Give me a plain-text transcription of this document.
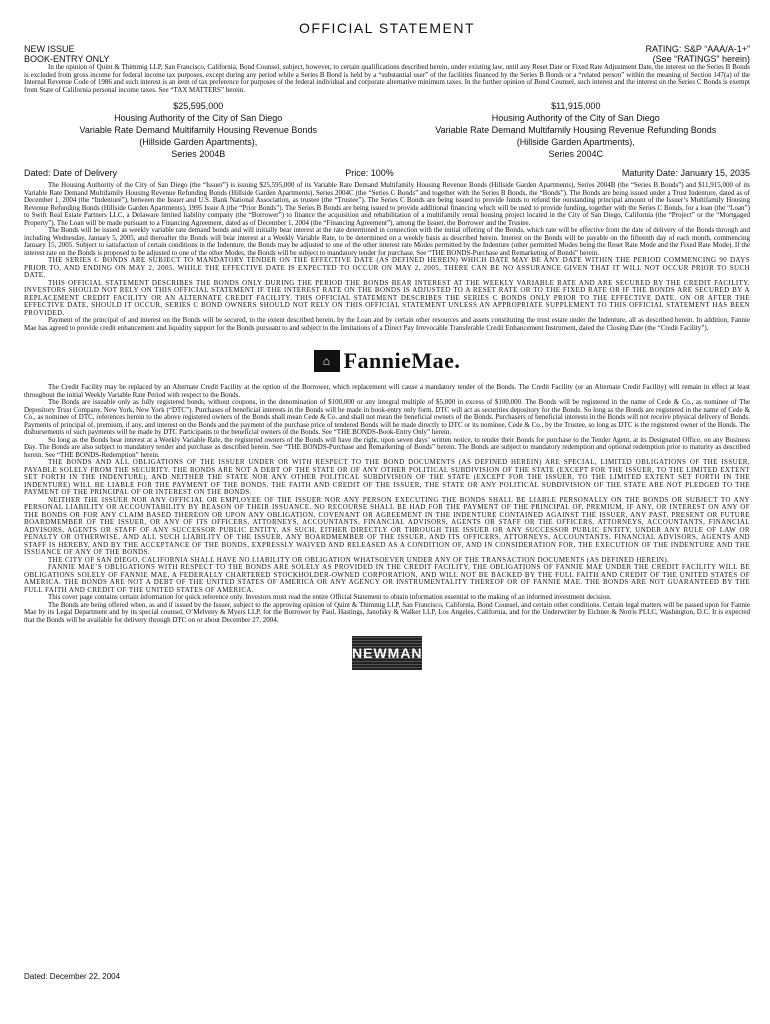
OFFICIAL STATEMENT
NEW ISSUE
BOOK-ENTRY ONLY
RATING: S&P “AAA/A-1+”
(See “RATINGS” herein)

In the opinion of Quint & Thimmig LLP, San Francisco, California, Bond Counsel, subject, however, to certain qualifications described herein, under existing law, until any Reset Date or Fixed Rate Adjustment Date, the interest on the Series B Bonds is excluded from gross income for federal income tax purposes, except during any period while a Series B Bond is held by a “substantial user” of the facilities financed by the Series B Bonds or a “related person” within the meaning of Section 147(a) of the Internal Revenue Code of 1986 and such interest is an item of tax preference for purposes of the federal individual and corporate alternative minimum taxes. In the further opinion of Bond Counsel, such interest and the interest on the Series C Bonds is exempt from State of California personal income taxes. See “TAX MATTERS” herein.

$25,595,000
Housing Authority of the City of San Diego
Variable Rate Demand Multifamily Housing Revenue Bonds
(Hillside Garden Apartments),
Series 2004B
$11,915,000
Housing Authority of the City of San Diego
Variable Rate Demand Multifamily Housing Revenue Refunding Bonds
(Hillside Garden Apartments),
Series 2004C
Dated: Date of Delivery	Price: 100%	Maturity Date: January 15, 2035

The Housing Authority of the City of San Diego (the “Issuer”) is issuing $25,595,000 of its Variable Rate Demand Multifamily Housing Revenue Bonds (Hillside Garden Apartments), Series 2004B (the “Series B Bonds”) and $11,915,000 of its Variable Rate Demand Multifamily Housing Revenue Refunding Bonds (Hillside Garden Apartments), Series 2004C (the “Series C Bonds” and together with the Series B Bonds, the “Bonds”). The Bonds are being issued under a Trust Indenture, dated as of December 1, 2004 (the “Indenture”), between the Issuer and U.S. Bank National Association, as trustee (the “Trustee”). The Series C Bonds are being issued to provide funds to refund the outstanding principal amount of the Issuer’s Multifamily Housing Revenue Refunding Bonds (Hillside Garden Apartments), 1995 Issue A (the “Prior Bonds”). The Series B Bonds are being issued to provide additional financing which will be used to provide funding, together with the Series C Bonds, for a loan (the “Loan”) to Swift Real Estate Partners LLC, a Delaware limited liability company (the “Borrower”) to finance the acquisition and rehabilitation of a multifamily rental housing project located in the City of San Diego, California (the “Project” or the “Mortgaged Property”). The Loan will be made pursuant to a Financing Agreement, dated as of December 1, 2004 (the “Financing Agreement”), among the Issuer, the Borrower and the Trustee.

The Bonds will be issued as weekly variable rate demand bonds and will initially bear interest at the rate determined in connection with the initial offering of the Bonds, which rate will be effective from the date of delivery of the Bonds through and including Wednesday, January 5, 2005, and thereafter the Bonds will bear interest at a Weekly Variable Rate, to be determined on a weekly basis as described herein. Interest on the Bonds will be payable on the fifteenth day of each month, commencing January 15, 2005. Subject to satisfaction of certain conditions in the Indenture, the Bonds may be adjusted to one of the other interest rate Modes permitted by the Indenture (other permitted Modes being the Reset Rate Mode and the Fixed Rate Mode). If the interest rate on the Bonds is proposed to be adjusted to one of the other Modes, the Bonds will be subject to mandatory tender for purchase. See “THE BONDS-Purchase and Remarketing of Bonds” herein.

THE SERIES C BONDS ARE SUBJECT TO MANDATORY TENDER ON THE EFFECTIVE DATE (AS DEFINED HEREIN) WHICH DATE MAY BE ANY DATE WITHIN THE PERIOD COMMENCING 90 DAYS PRIOR TO, AND ENDING ON MAY 2, 2005. WHILE THE EFFECTIVE DATE IS EXPECTED TO OCCUR ON MAY 2, 2005, THERE CAN BE NO ASSURANCE GIVEN THAT IT WILL NOT OCCUR PRIOR TO SUCH DATE.

THIS OFFICIAL STATEMENT DESCRIBES THE BONDS ONLY DURING THE PERIOD THE BONDS BEAR INTEREST AT THE WEEKLY VARIABLE RATE AND ARE SECURED BY THE CREDIT FACILITY. INVESTORS SHOULD NOT RELY ON THIS OFFICIAL STATEMENT IF THE INTEREST RATE ON THE BONDS IS ADJUSTED TO A RESET RATE OR TO THE FIXED RATE OR IF THE BONDS ARE SECURED BY A REPLACEMENT CREDIT FACILITY OR AN ALTERNATE CREDIT FACILITY. THIS OFFICIAL STATEMENT DESCRIBES THE SERIES C BONDS ONLY PRIOR TO THE EFFECTIVE DATE. ON OR AFTER THE EFFECTIVE DATE, SHOULD IT OCCUR, SERIES C BOND OWNERS SHOULD NOT RELY ON THIS OFFICIAL STATEMENT UNLESS AN APPROPRIATE SUPPLEMENT TO THIS OFFICIAL STATEMENT HAS BEEN PROVIDED.

Payment of the principal of and interest on the Bonds will be secured, to the extent described herein, by the Loan and by certain other resources and assets constituting the trust estate under the Indenture, all as described herein. In addition, Fannie Mae has agreed to provide credit enhancement and liquidity support for the Bonds pursuant to and subject to the limitations of a Direct Pay Irrevocable Transferable Credit Enhancement Instrument, dated the Closing Date (the “Credit Facility”).

⌂ FannieMae.

The Credit Facility may be replaced by an Alternate Credit Facility at the option of the Borrower, which replacement will cause a mandatory tender of the Bonds. The Credit Facility (or an Alternate Credit Facility) will remain in effect at least throughout the initial Weekly Variable Rate Period with respect to the Bonds.

The Bonds are issuable only as fully registered bonds, without coupons, in the denomination of $100,000 or any integral multiple of $5,000 in excess of $100,000. The Bonds will be registered in the name of Cede & Co., as nominee of The Depository Trust Company, New York, New York (“DTC”). Purchases of beneficial interests in the Bonds will be made in book-entry only form. DTC will act as securities depository for the Bonds. So long as the Bonds are registered in the name of Cede & Co., as nominee of DTC, references herein to the above registered owners of the Bonds shall mean Cede & Co. and shall not mean the beneficial owners of the Bonds. Purchasers of beneficial interests in the Bonds will not receive physical delivery of Bonds. Payments of principal of, premium, if any, and interest on the Bonds and the payment of the purchase price of tendered Bonds will be made directly to DTC or its nominee, Cede & Co., by the Trustee, so long as DTC is the registered owner of the Bonds. The disbursements of such payments will be made by DTC Participants to the beneficial owners of the Bonds. See “THE BONDS-Book-Entry Only” herein.

So long as the Bonds bear interest at a Weekly Variable Rate, the registered owners of the Bonds will have the right, upon seven days’ written notice, to tender their Bonds for purchase to the Tender Agent, at its Designated Office, on any Business Day. The Bonds are also subject to mandatory tender and purchase as described herein. See “THE BONDS-Purchase and Remarketing of Bonds” herein. The Bonds are subject to mandatory redemption and optional redemption prior to maturity as described herein. See “THE BONDS-Redemption” herein.

THE BONDS AND ALL OBLIGATIONS OF THE ISSUER UNDER OR WITH RESPECT TO THE BOND DOCUMENTS (AS DEFINED HEREIN) ARE SPECIAL, LIMITED OBLIGATIONS OF THE ISSUER, PAYABLE SOLELY FROM THE SECURITY. THE BONDS ARE NOT A DEBT OF THE STATE OR OF ANY OTHER POLITICAL SUBDIVISION OF THE STATE (EXCEPT FOR THE ISSUER, TO THE LIMITED EXTENT SET FORTH IN THE INDENTURE), AND NEITHER THE STATE NOR ANY OTHER POLITICAL SUBDIVISION OF THE STATE (EXCEPT FOR THE ISSUER, TO THE LIMITED EXTENT SET FORTH IN THE INDENTURE) WILL BE LIABLE FOR THE PAYMENT OF THE BONDS. THE FAITH AND CREDIT OF THE ISSUER, THE STATE OR ANY POLITICAL SUBDIVISION OF THE STATE ARE NOT PLEDGED TO THE PAYMENT OF THE PRINCIPAL OF OR INTEREST ON THE BONDS.

NEITHER THE ISSUER NOR ANY OFFICIAL OR EMPLOYEE OF THE ISSUER NOR ANY PERSON EXECUTING THE BONDS SHALL BE LIABLE PERSONALLY ON THE BONDS OR SUBJECT TO ANY PERSONAL LIABILITY OR ACCOUNTABILITY BY REASON OF THEIR ISSUANCE. NO RECOURSE SHALL BE HAD FOR THE PAYMENT OF THE PRINCIPAL OF, PREMIUM, IF ANY, OR INTEREST ON ANY OF THE BONDS OR FOR ANY CLAIM BASED THEREON OR UPON ANY OBLIGATION, COVENANT OR AGREEMENT IN THE INDENTURE CONTAINED AGAINST THE ISSUER, ANY PAST, PRESENT OR FUTURE BOARDMEMBER OF THE ISSUER, OR ANY OF ITS OFFICERS, ATTORNEYS, ACCOUNTANTS, FINANCIAL ADVISORS, AGENTS OR STAFF OR THE OFFICERS, ATTORNEYS, ACCOUNTANTS, FINANCIAL ADVISORS, AGENTS OR STAFF OF ANY SUCCESSOR PUBLIC ENTITY, AS SUCH, EITHER DIRECTLY OR THROUGH THE ISSUER OR ANY SUCCESSOR PUBLIC ENTITY, UNDER ANY RULE OF LAW OR PENALTY OR OTHERWISE, AND ALL SUCH LIABILITY OF THE ISSUER, ANY BOARDMEMBER OF THE ISSUER, AND ITS OFFICERS, ATTORNEYS, ACCOUNTANTS, FINANCIAL ADVISORS, AGENTS AND STAFF IS HEREBY, AND BY THE ACCEPTANCE OF THE BONDS, EXPRESSLY WAIVED AND RELEASED AS A CONDITION OF, AND IN CONSIDERATION FOR, THE EXECUTION OF THE INDENTURE AND THE ISSUANCE OF ANY OF THE BONDS.

THE CITY OF SAN DIEGO, CALIFORNIA SHALL HAVE NO LIABILITY OR OBLIGATION WHATSOEVER UNDER ANY OF THE TRANSACTION DOCUMENTS (AS DEFINED HEREIN).

FANNIE MAE’S OBLIGATIONS WITH RESPECT TO THE BONDS ARE SOLELY AS PROVIDED IN THE CREDIT FACILITY. THE OBLIGATIONS OF FANNIE MAE UNDER THE CREDIT FACILITY WILL BE OBLIGATIONS SOLELY OF FANNIE MAE, A FEDERALLY CHARTERED STOCKHOLDER-OWNED CORPORATION, AND WILL NOT BE BACKED BY THE FULL FAITH AND CREDIT OF THE UNITED STATES OF AMERICA. THE BONDS ARE NOT A DEBT OF THE UNITED STATES OF AMERICA OR ANY AGENCY OR INSTRUMENTALITY THEREOF OR OF FANNIE MAE. THE BONDS ARE NOT GUARANTEED BY THE FULL FAITH AND CREDIT OF THE UNITED STATES OF AMERICA.

This cover page contains certain information for quick reference only. Investors must read the entire Official Statement to obtain information essential to the making of an informed investment decision.

The Bonds are being offered when, as and if issued by the Issuer, subject to the approving opinion of Quint & Thimmig LLP, San Francisco, California, Bond Counsel, and certain other conditions. Certain legal matters will be passed upon for Fannie Mae by its Legal Department and by its special counsel, O’Melveny & Myers LLP, for the Borrower by Paul, Hastings, Janofsky & Walker LLP, Los Angeles, California, and for the Underwriter by Eichner & Norris PLLC, Washington, D.C. It is expected that the Bonds will be available for delivery through DTC on or about December 27, 2004.

NEWMAN
Dated: December 22, 2004
